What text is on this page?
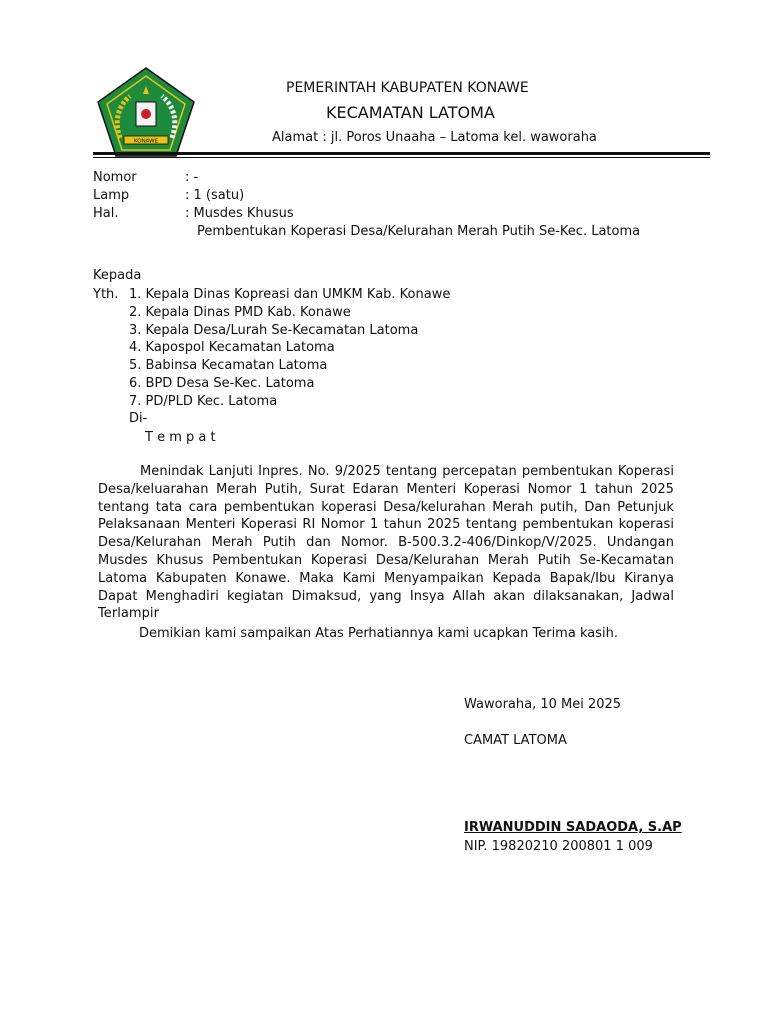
KONAWE
PEMERINTAH KABUPATEN KONAWE
KECAMATAN LATOMA
Alamat : jl. Poros Unaaha – Latoma kel. waworaha
Nomor	: -
Lamp	: 1 (satu)
Hal.	: Musdes Khusus
Pembentukan Koperasi Desa/Kelurahan Merah Putih Se-Kec. Latoma
Kepada
Yth. 1. Kepala Dinas Kopreasi dan UMKM Kab. Konawe
2. Kepala Dinas PMD Kab. Konawe
3. Kepala Desa/Lurah Se-Kecamatan Latoma
4. Kapospol Kecamatan Latoma
5. Babinsa Kecamatan Latoma
6. BPD Desa Se-Kec. Latoma
7. PD/PLD Kec. Latoma
Di-
T e m p a t
Menindak Lanjuti Inpres. No. 9/2025 tentang percepatan pembentukan Koperasi Desa/keluarahan Merah Putih, Surat Edaran Menteri Koperasi Nomor 1 tahun 2025 tentang tata cara pembentukan koperasi Desa/kelurahan Merah putih, Dan Petunjuk Pelaksanaan Menteri Koperasi RI Nomor 1 tahun 2025 tentang pembentukan koperasi Desa/Kelurahan Merah Putih dan Nomor. B-500.3.2-406/Dinkop/V/2025. Undangan Musdes Khusus Pembentukan Koperasi Desa/Kelurahan Merah Putih Se-Kecamatan Latoma Kabupaten Konawe. Maka Kami Menyampaikan Kepada Bapak/Ibu Kiranya Dapat Menghadiri kegiatan Dimaksud, yang Insya Allah akan dilaksanakan, Jadwal Terlampir
Demikian kami sampaikan Atas Perhatiannya kami ucapkan Terima kasih.
Waworaha, 10 Mei 2025
CAMAT LATOMA
IRWANUDDIN SADAODA, S.AP
NIP. 19820210 200801 1 009
